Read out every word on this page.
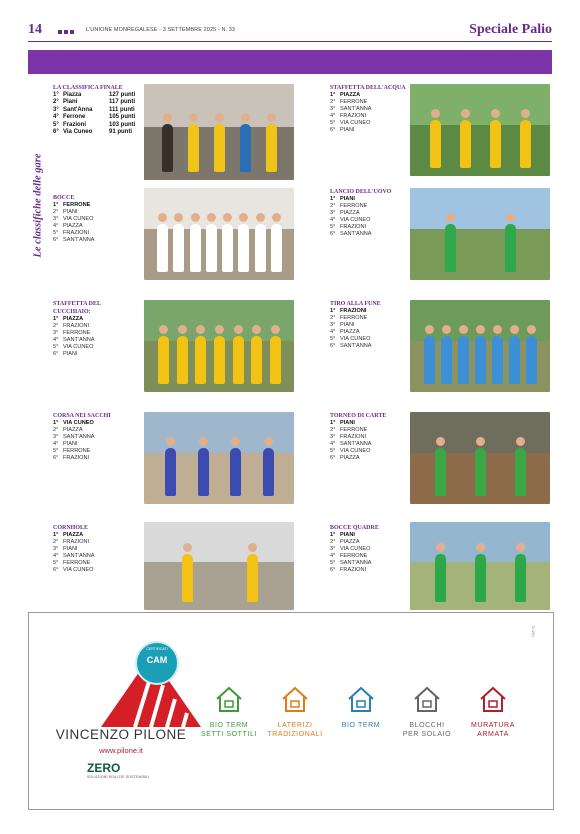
14	L'UNIONE MONREGALESE - 3 SETTEMBRE 2025 - N. 33	Speciale Palio
Le classifiche delle gare
LA CLASSIFICA FINALE
1° Piazza	127 punti
2° Piani	117 punti
3° Sant'Anna	111 punti
4° Ferrone	105 punti
5° Frazioni	103 punti
6° Via Cuneo	91 punti
BOCCE
1° FERRONE
2° PIANI
3° VIA CUNEO
4° PIAZZA
5° FRAZIONI
6° SANT'ANNA
STAFFETTA DEL CUCCHIAIO:
1° PIAZZA
2° FRAZIONI
3° FERRONE
4° SANT'ANNA
5° VIA CUNEO
6° PIANI
CORSA NEI SACCHI
1° VIA CUNEO
2° PIAZZA
3° SANT'ANNA
4° PIANI
5° FERRONE
6° FRAZIONI
CORNHOLE
1° PIAZZA
2° FRAZIONI
3° PIANI
4° SANT'ANNA
5° FERRONE
6° VIA CUNEO
STAFFETTA DELL'ACQUA
1° PIAZZA
2° FERRONE
3° SANT'ANNA
4° FRAZIONI
5° VIA CUNEO
6° PIANI
LANCIO DELL'UOVO
1° PIANI
2° FERRONE
3° PIAZZA
4° VIA CUNEO
5° FRAZIONI
6° SANT'ANNA
TIRO ALLA FUNE
1° FRAZIONI
2° FERRONE
3° PIANI
4° PIAZZA
5° VIA CUNEO
6° SANT'ANNA
TORNEO DI CARTE
1° PIANI
2° FERRONE
3° FRAZIONI
4° SANT'ANNA
5° VIA CUNEO
6° PIAZZA
BOCCE QUADRE
1° PIANI
2° PIAZZA
3° VIA CUNEO
4° FERRONE
5° SANT'ANNA
6° FRAZIONI
CERTIFICATI
CAM
VINCENZO PILONE
www.pilone.it
ZERO
SOLUZIONI EDILIZIE SOSTENIBILI
H65 01
BIO TERM
SETTI SOTTILI
LATERIZI
TRADIZIONALI
BIO TERM	BLOCCHI
PER SOLAIO
MURATURA
ARMATA
